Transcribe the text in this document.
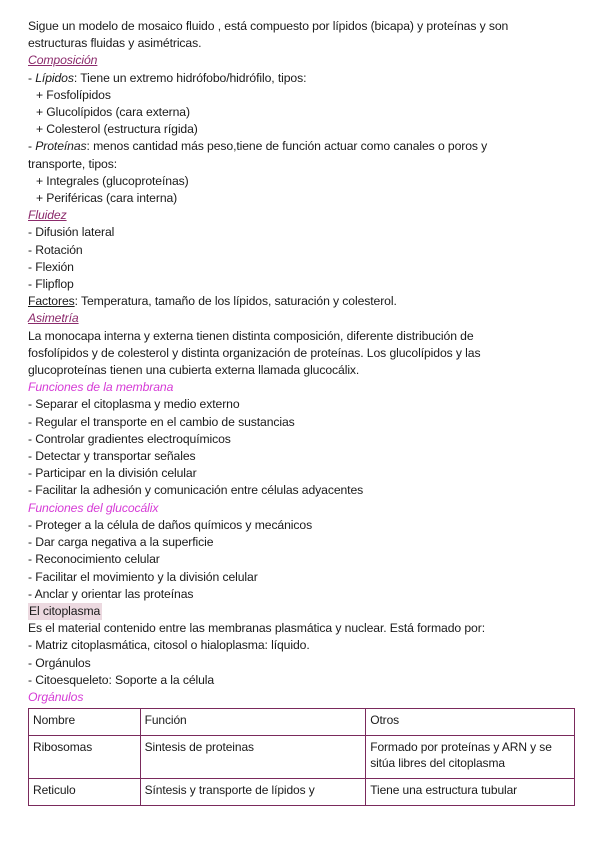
Sigue un modelo de mosaico fluido , está compuesto por lípidos (bicapa) y proteínas y son
estructuras fluidas y asimétricas.
Composición
- Lípidos: Tiene un extremo hidrófobo/hidrófilo, tipos:
+ Fosfolípidos
+ Glucolípidos (cara externa)
+ Colesterol (estructura rígida)
- Proteínas: menos cantidad más peso,tiene de función actuar como canales o poros y
transporte, tipos:
+ Integrales (glucoproteínas)
+ Periféricas (cara interna)
Fluidez
- Difusión lateral
- Rotación
- Flexión
- Flipflop
Factores: Temperatura, tamaño de los lípidos, saturación y colesterol.
Asimetría
La monocapa interna y externa tienen distinta composición, diferente distribución de
fosfolípidos y de colesterol y distinta organización de proteínas. Los glucolípidos y las
glucoproteínas tienen una cubierta externa llamada glucocálix.
Funciones de la membrana
- Separar el citoplasma y medio externo
- Regular el transporte en el cambio de sustancias
- Controlar gradientes electroquímicos
- Detectar y transportar señales
- Participar en la división celular
- Facilitar la adhesión y comunicación entre células adyacentes
Funciones del glucocálix
- Proteger a la célula de daños químicos y mecánicos
- Dar carga negativa a la superficie
- Reconocimiento celular
- Facilitar el movimiento y la división celular
- Anclar y orientar las proteínas
El citoplasma
Es el material contenido entre las membranas plasmática y nuclear. Está formado por:
- Matriz citoplasmática, citosol o hialoplasma: líquido.
- Orgánulos
- Citoesqueleto: Soporte a la célula
Orgánulos
Nombre	Función	Otros
Ribosomas	Sintesis de proteinas	Formado por proteínas y ARN y se sitúa libres del citoplasma
Reticulo	Síntesis y transporte de lípidos y	Tiene una estructura tubular
